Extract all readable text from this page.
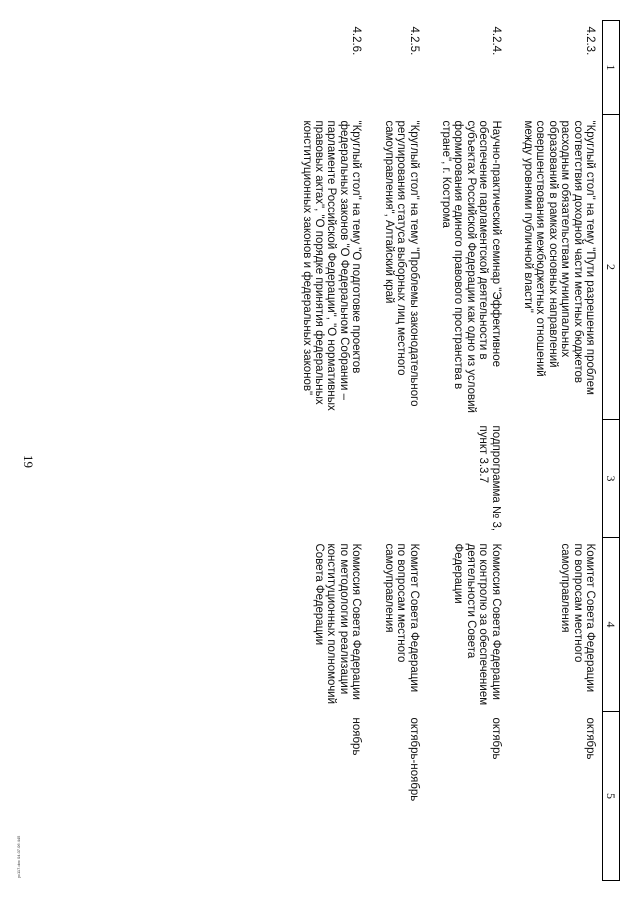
19
ус117.doc 04.07.06 445
1	2	3	4	5
4.2.3.	"Круглый стол" на тему "Пути разрешения проблем соответствия доходной части местных бюджетов расходным обязательствам муниципальных образований в рамках основных направлений совершенствования межбюджетных отношений между уровнями публичной власти"		Комитет Совета Федерации по вопросам местного самоуправления	октябрь
4.2.4.	Научно-практический семинар "Эффективное обеспечение парламентской деятельности в субъектах Российской Федерации как одно из условий формирования единого правового пространства в стране", г. Кострома	подпрограмма № 3, пункт 3.3.7	Комиссия Совета Федерации по контролю за обеспечением деятельности Совета Федерации	октябрь
4.2.5.	"Круглый стол" на тему "Проблемы законодательного регулирования статуса выборных лиц местного самоуправления", Алтайский край		Комитет Совета Федерации по вопросам местного самоуправления	октябрь-ноябрь
4.2.6.	"Круглый стол" на тему "О подготовке проектов федеральных законов "О Федеральном Собрании – парламенте Российской Федерации", "О нормативных правовых актах", "О порядке принятия федеральных конституционных законов и федеральных законов"		Комиссия Совета Федерации по методологии реализации конституционных полномочий Совета Федерации	ноябрь
